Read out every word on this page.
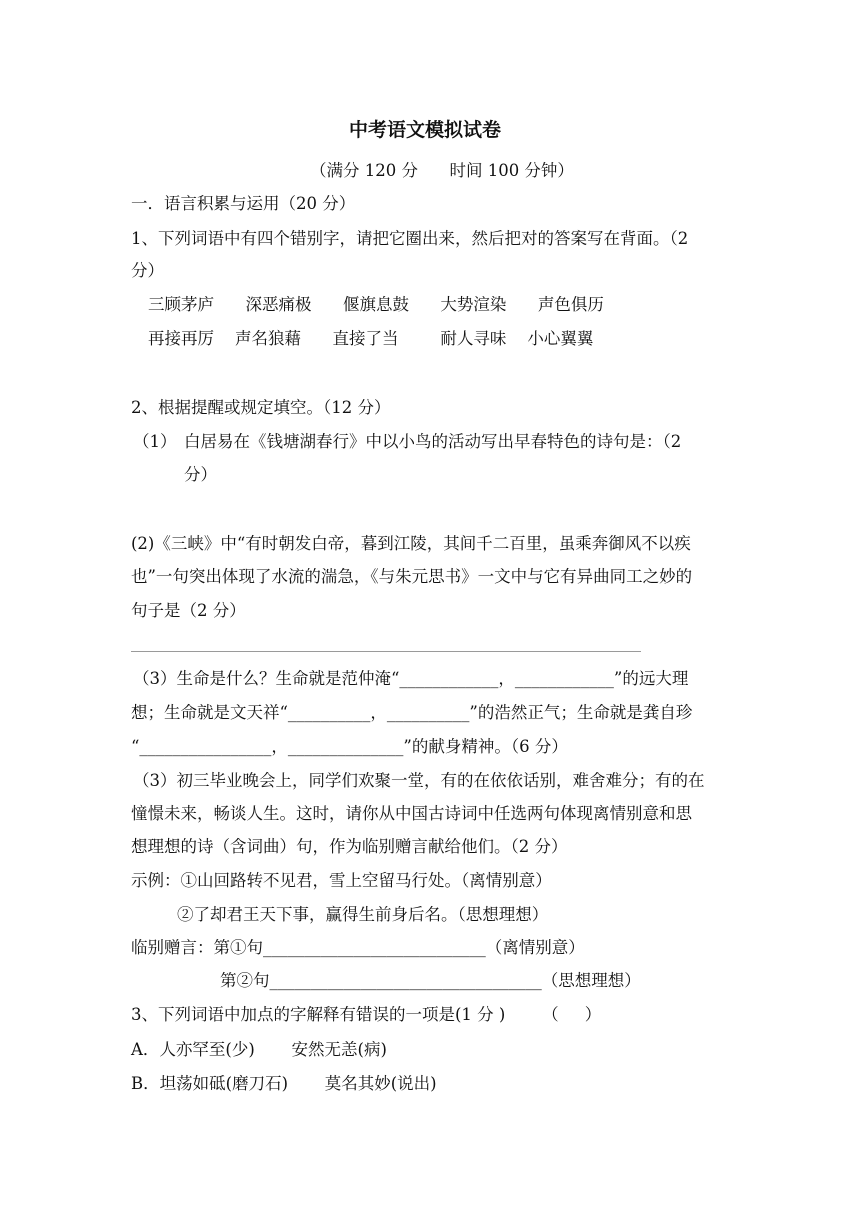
中考语文模拟试卷

（满分 120 分      时间 100 分钟）

一．语言积累与运用（20 分）

1、下列词语中有四个错别字，请把它圈出来，然后把对的答案写在背面。（2

分）

三顾茅庐      深恶痛极      偃旗息鼓      大势渲染      声色俱历

再接再厉    声名狼藉      直接了当        耐人寻味    小心翼翼

2、根据提醒或规定填空。（12 分）

（1） 白居易在《钱塘湖春行》中以小鸟的活动写出早春特色的诗句是：（2

分）

(2)《三峡》中“有时朝发白帝，暮到江陵，其间千二百里，虽乘奔御风不以疾

也”一句突出体现了水流的湍急，《与朱元思书》一文中与它有异曲同工之妙的

句子是（2 分）

（3）生命是什么？生命就是范仲淹“____________，____________”的远大理

想；生命就是文天祥“__________，__________”的浩然正气；生命就是龚自珍

“________________，______________”的献身精神。（6 分）

（3）初三毕业晚会上，同学们欢聚一堂，有的在依依话别，难舍难分；有的在

憧憬未来，畅谈人生。这时，请你从中国古诗词中任选两句体现离情别意和思

想理想的诗（含词曲）句，作为临别赠言献给他们。（2 分）

示例：①山回路转不见君，雪上空留马行处。（离情别意）

②了却君王天下事，赢得生前身后名。（思想理想）

临别赠言：第①句___________________________（离情别意）

第②句_________________________________（思想理想）

3、下列词语中加点的字解释有错误的一项是(1 分 )       （     ）

A．人亦罕至(少)       安然无恙(病)

B．坦荡如砥(磨刀石)       莫名其妙(说出)
